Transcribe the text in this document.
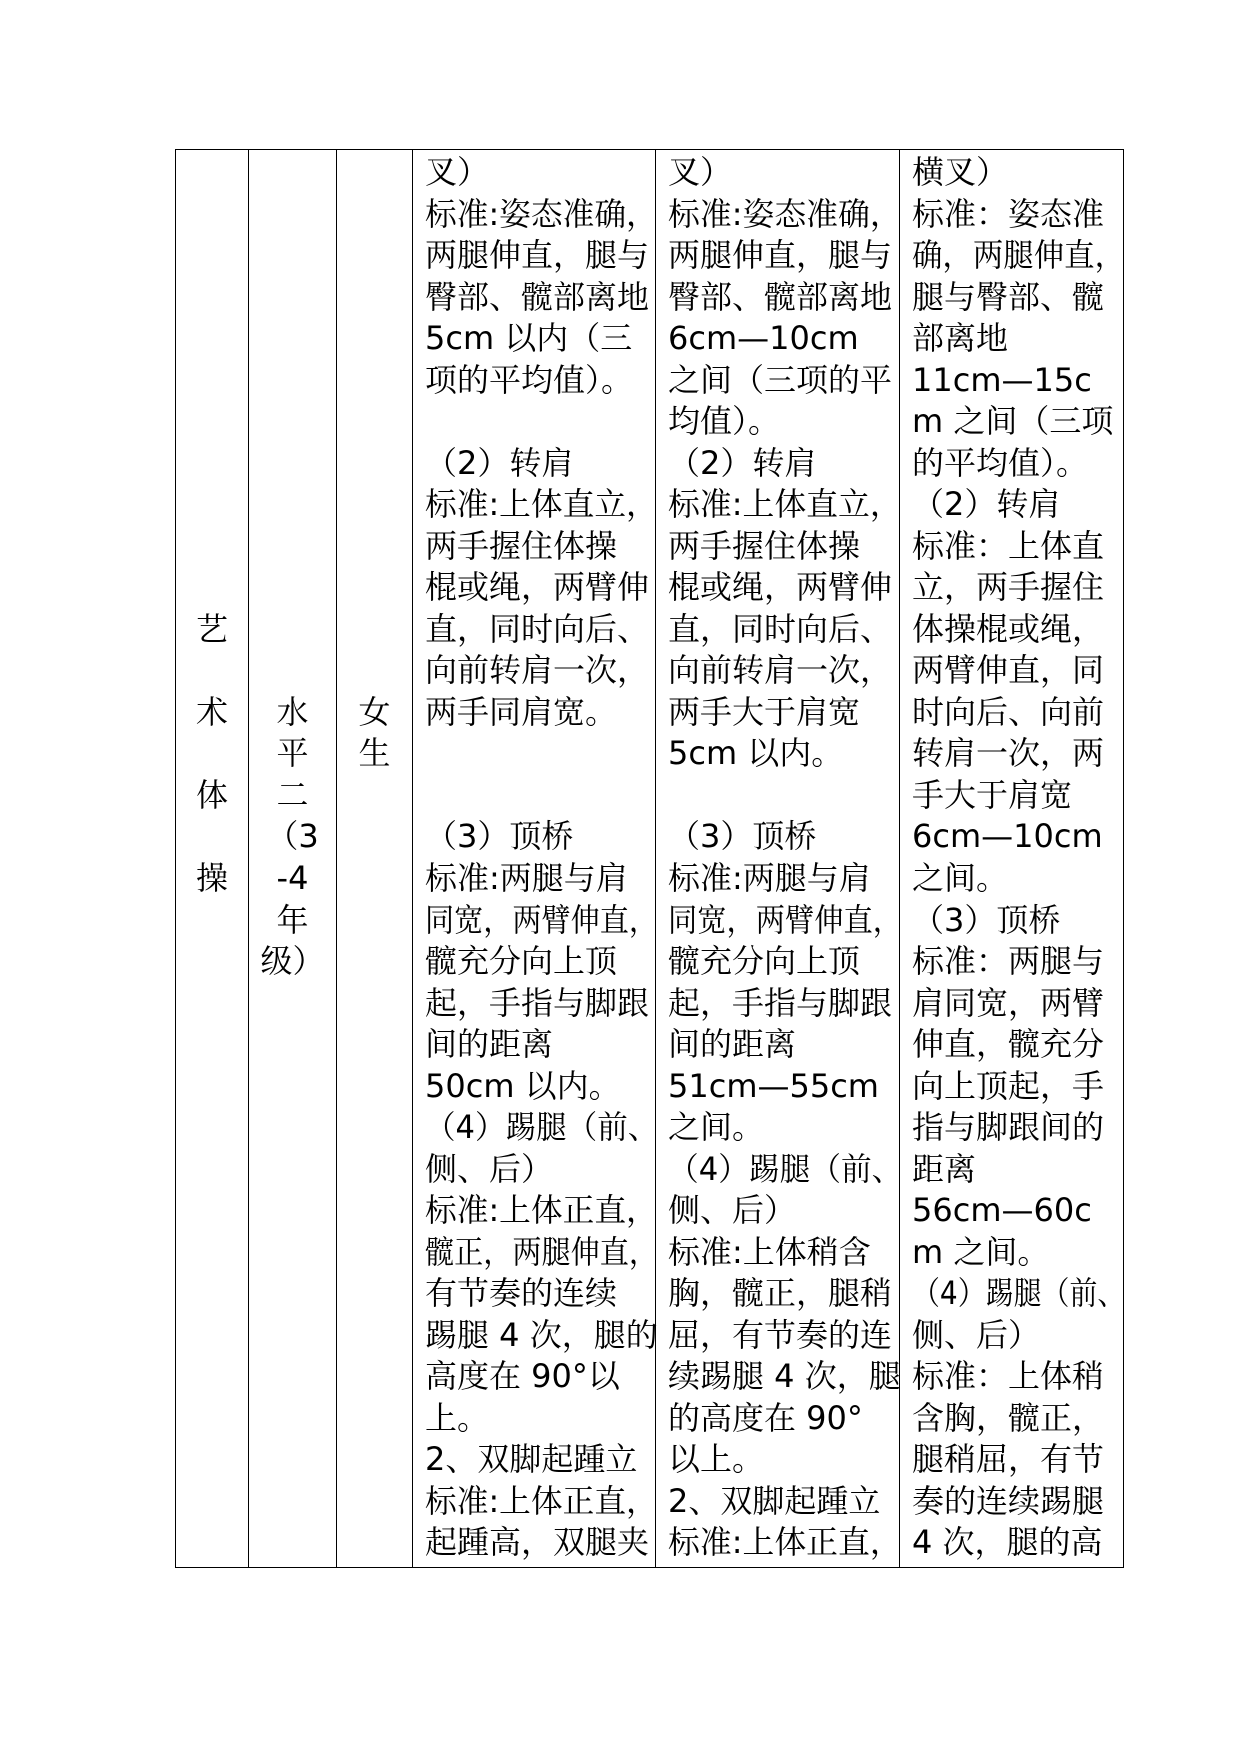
艺
术
体
操
水
平
二
（3
-4
年
级）
女
生
叉）
标准:姿态准确，
两腿伸直，腿与
臀部、髋部离地
5cm 以内（三
项的平均值）。
（2）转肩
标准:上体直立，
两手握住体操
棍或绳，两臂伸
直，同时向后、
向前转肩一次，
两手同肩宽。
（3）顶桥
标准:两腿与肩
同宽，两臂伸直，
髋充分向上顶
起，手指与脚跟
间的距离
50cm 以内。
（4）踢腿（前、
侧、后）
标准:上体正直，
髋正，两腿伸直，
有节奏的连续
踢腿 4 次，腿的
高度在 90°以
上。
2、双脚起踵立
标准:上体正直，
起踵高，双腿夹
叉）
标准:姿态准确，
两腿伸直，腿与
臀部、髋部离地
6cm—10cm
之间（三项的平
均值）。
（2）转肩
标准:上体直立，
两手握住体操
棍或绳，两臂伸
直，同时向后、
向前转肩一次，
两手大于肩宽
5cm 以内。
（3）顶桥
标准:两腿与肩
同宽，两臂伸直，
髋充分向上顶
起，手指与脚跟
间的距离
51cm—55cm
之间。
（4）踢腿（前、
侧、后）
标准:上体稍含
胸，髋正，腿稍
屈，有节奏的连
续踢腿 4 次，腿
的高度在 90°
以上。
2、双脚起踵立
标准:上体正直，
横叉）
标准：姿态准
确，两腿伸直，
腿与臀部、髋
部离地
11cm—15c
m 之间（三项
的平均值）。
（2）转肩
标准：上体直
立，两手握住
体操棍或绳，
两臂伸直，同
时向后、向前
转肩一次，两
手大于肩宽
6cm—10cm
之间。
（3）顶桥
标准：两腿与
肩同宽，两臂
伸直，髋充分
向上顶起，手
指与脚跟间的
距离
56cm—60c
m 之间。
（4）踢腿（前、
侧、后）
标准：上体稍
含胸，髋正，
腿稍屈，有节
奏的连续踢腿
4 次，腿的高
